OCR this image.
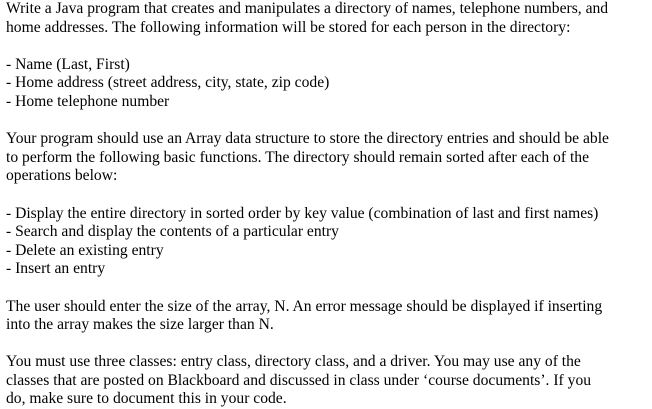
Write a Java program that creates and manipulates a directory of names, telephone numbers, and
home addresses. The following information will be stored for each person in the directory:

- Name (Last, First)
- Home address (street address, city, state, zip code)
- Home telephone number

Your program should use an Array data structure to store the directory entries and should be able
to perform the following basic functions. The directory should remain sorted after each of the
operations below:

- Display the entire directory in sorted order by key value (combination of last and first names)
- Search and display the contents of a particular entry
- Delete an existing entry
- Insert an entry

The user should enter the size of the array, N. An error message should be displayed if inserting
into the array makes the size larger than N.

You must use three classes: entry class, directory class, and a driver. You may use any of the
classes that are posted on Blackboard and discussed in class under ‘course documents’. If you
do, make sure to document this in your code.
